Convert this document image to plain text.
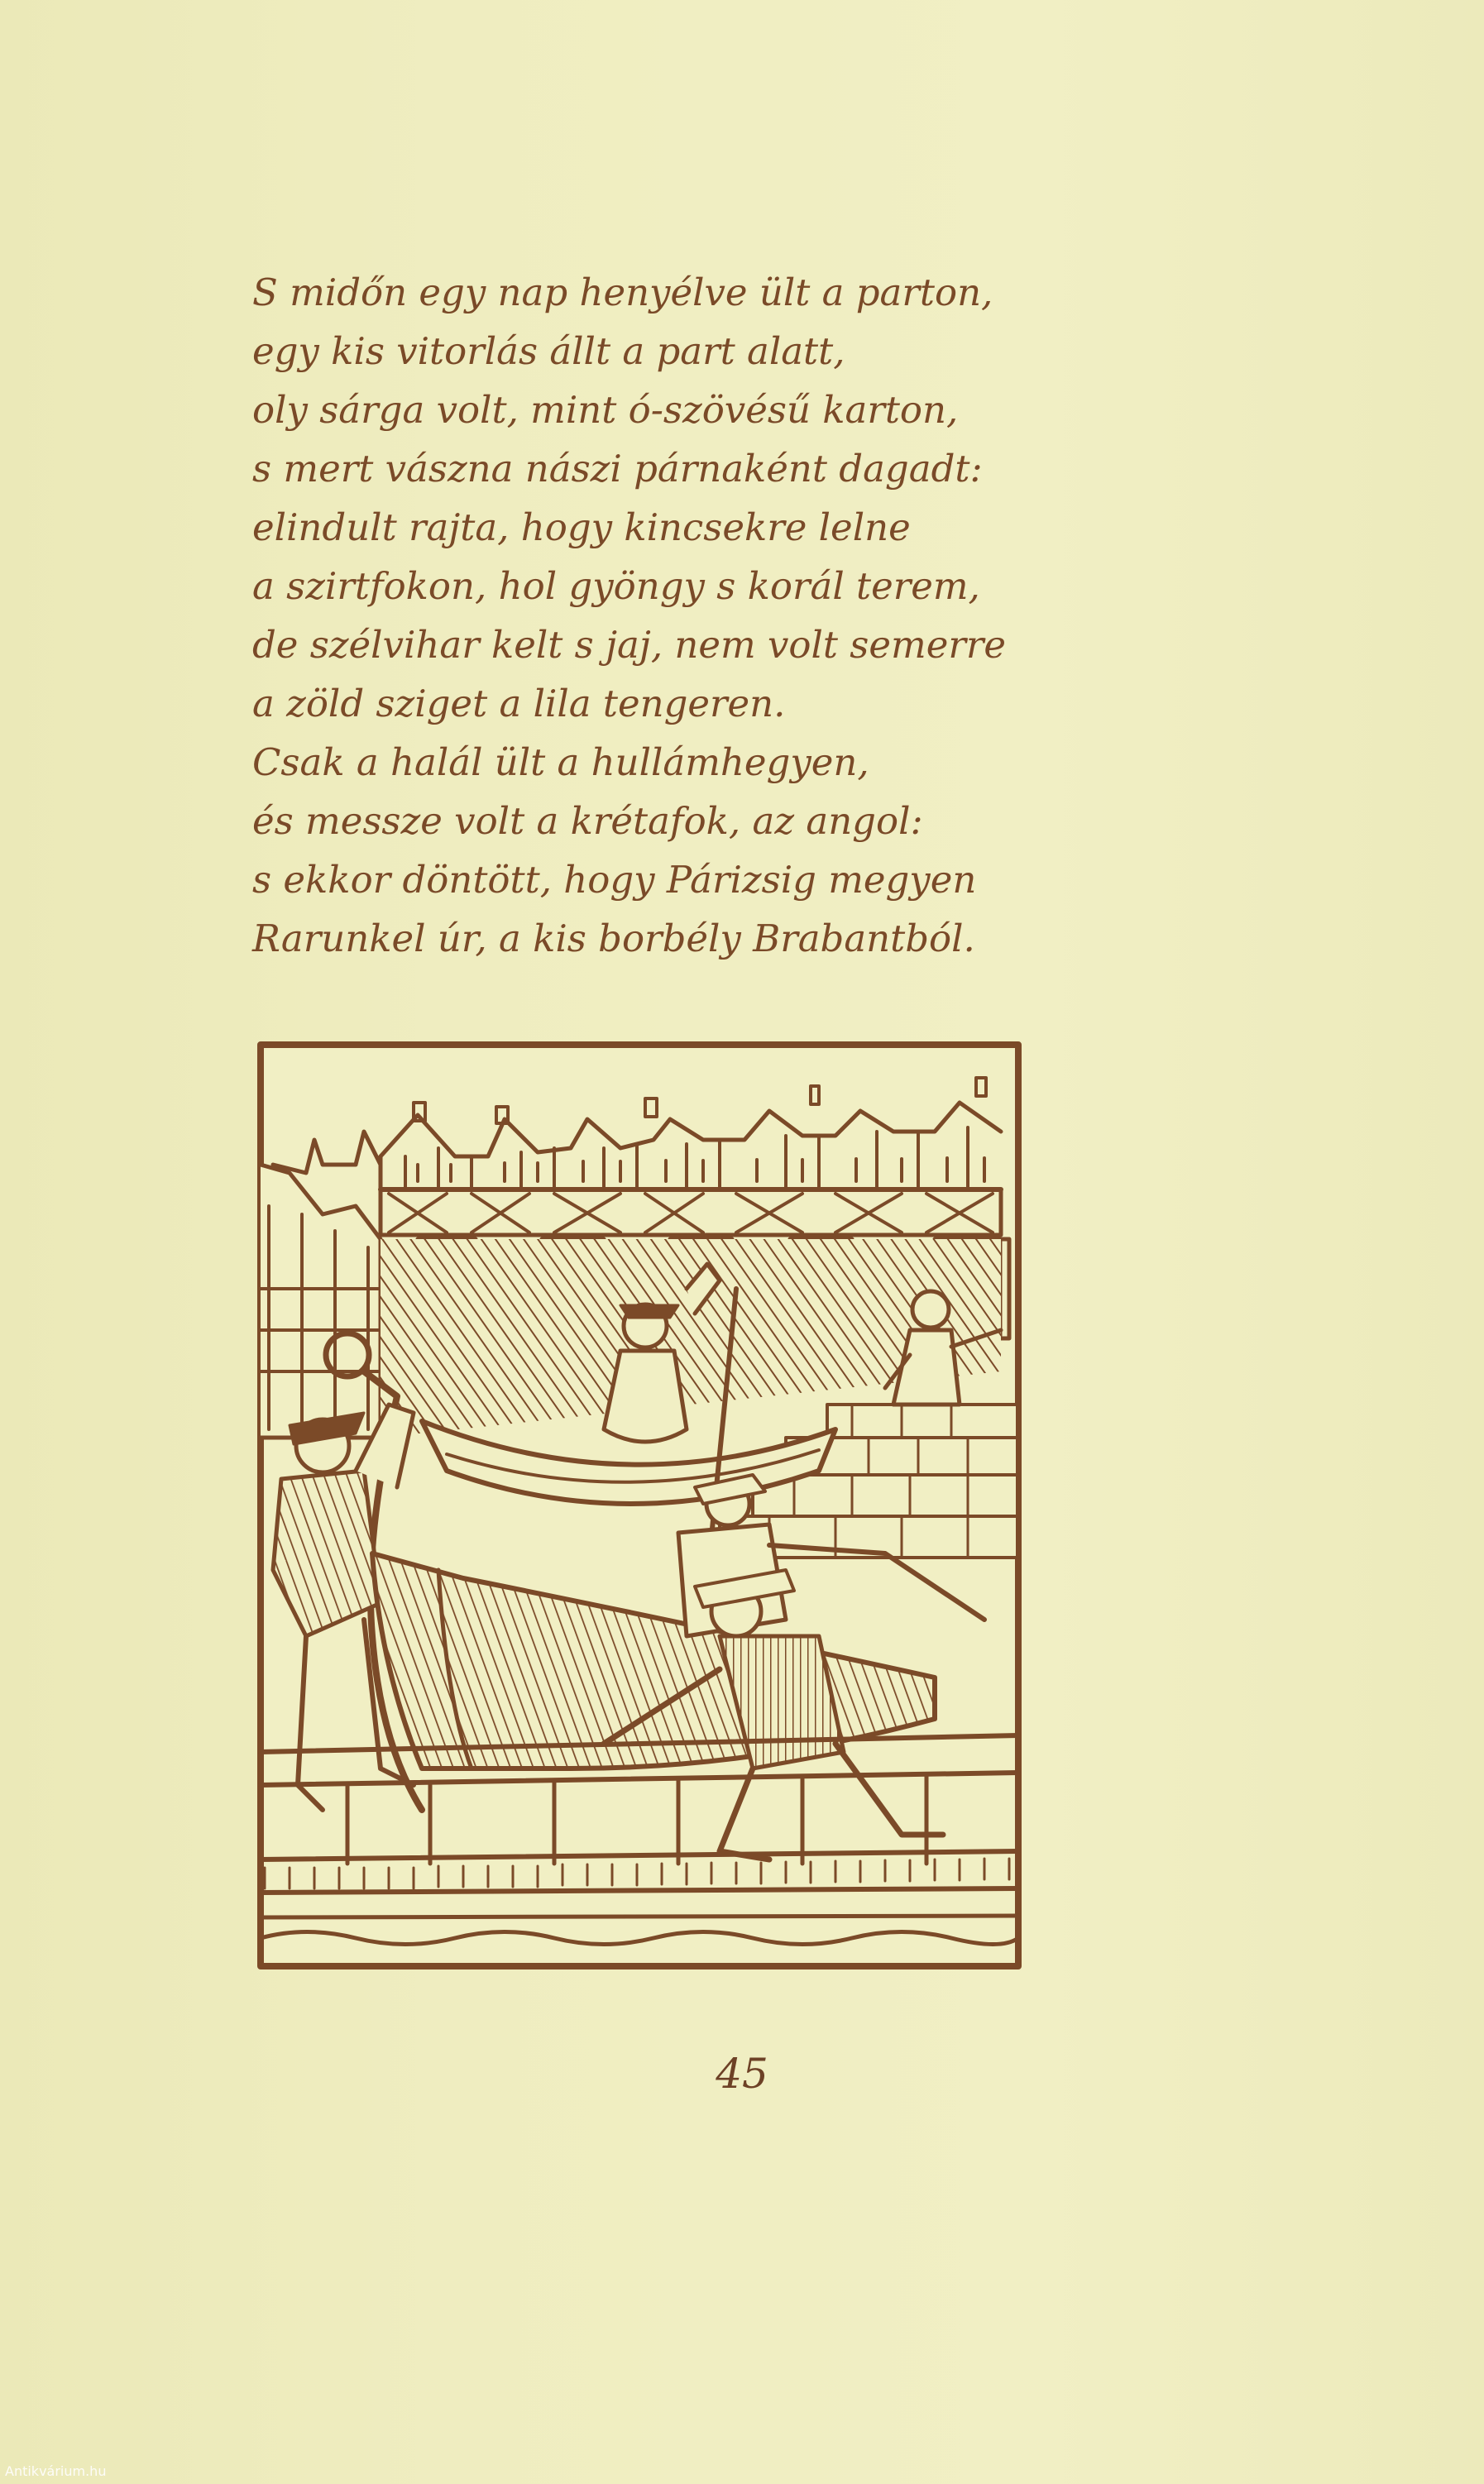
S midőn egy nap henyélve ült a parton,
egy kis vitorlás állt a part alatt,
oly sárga volt, mint ó-szövésű karton,
s mert vászna nászi párnaként dagadt:
elindult rajta, hogy kincsekre lelne
a szirtfokon, hol gyöngy s korál terem,
de szélvihar kelt s jaj, nem volt semerre
a zöld sziget a lila tengeren.
Csak a halál ült a hullámhegyen,
és messze volt a krétafok, az angol:
s ekkor döntött, hogy Párizsig megyen
Rarunkel úr, a kis borbély Brabantból.
45
Antikvárium.hu
